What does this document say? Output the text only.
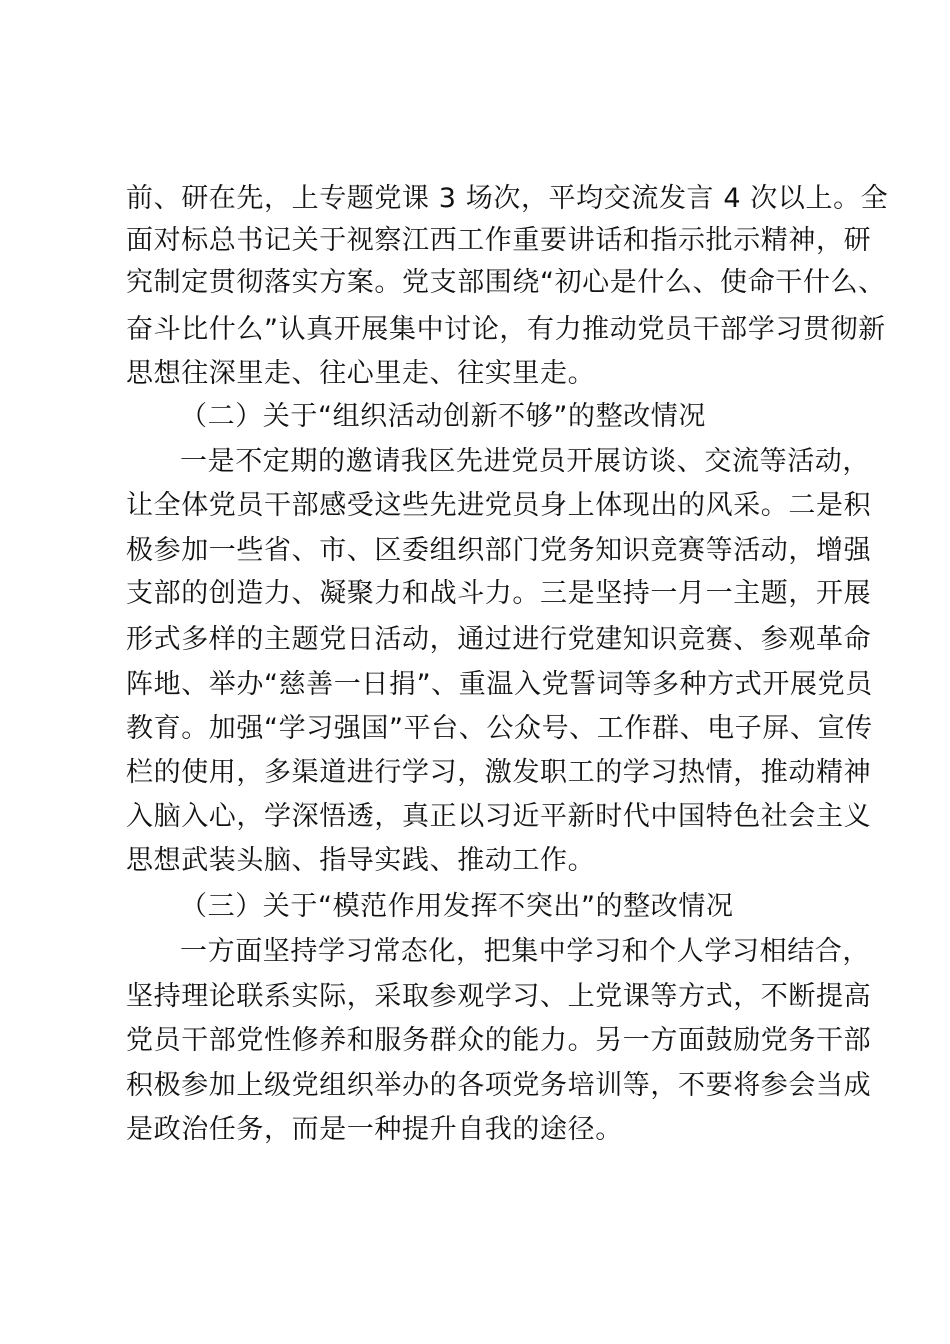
前、研在先，上专题党课 3 场次，平均交流发言 4 次以上。全
面对标总书记关于视察江西工作重要讲话和指示批示精神，研
究制定贯彻落实方案。党支部围绕“初心是什么、使命干什么、
奋斗比什么”认真开展集中讨论，有力推动党员干部学习贯彻新
思想往深里走、往心里走、往实里走。
（二）关于“组织活动创新不够”的整改情况
一是不定期的邀请我区先进党员开展访谈、交流等活动，
让全体党员干部感受这些先进党员身上体现出的风采。二是积
极参加一些省、市、区委组织部门党务知识竞赛等活动，增强
支部的创造力、凝聚力和战斗力。三是坚持一月一主题，开展
形式多样的主题党日活动，通过进行党建知识竞赛、参观革命
阵地、举办“慈善一日捐”、重温入党誓词等多种方式开展党员
教育。加强“学习强国”平台、公众号、工作群、电子屏、宣传
栏的使用，多渠道进行学习，激发职工的学习热情，推动精神
入脑入心，学深悟透，真正以习近平新时代中国特色社会主义
思想武装头脑、指导实践、推动工作。
（三）关于“模范作用发挥不突出”的整改情况
一方面坚持学习常态化，把集中学习和个人学习相结合，
坚持理论联系实际，采取参观学习、上党课等方式，不断提高
党员干部党性修养和服务群众的能力。另一方面鼓励党务干部
积极参加上级党组织举办的各项党务培训等，不要将参会当成
是政治任务，而是一种提升自我的途径。
